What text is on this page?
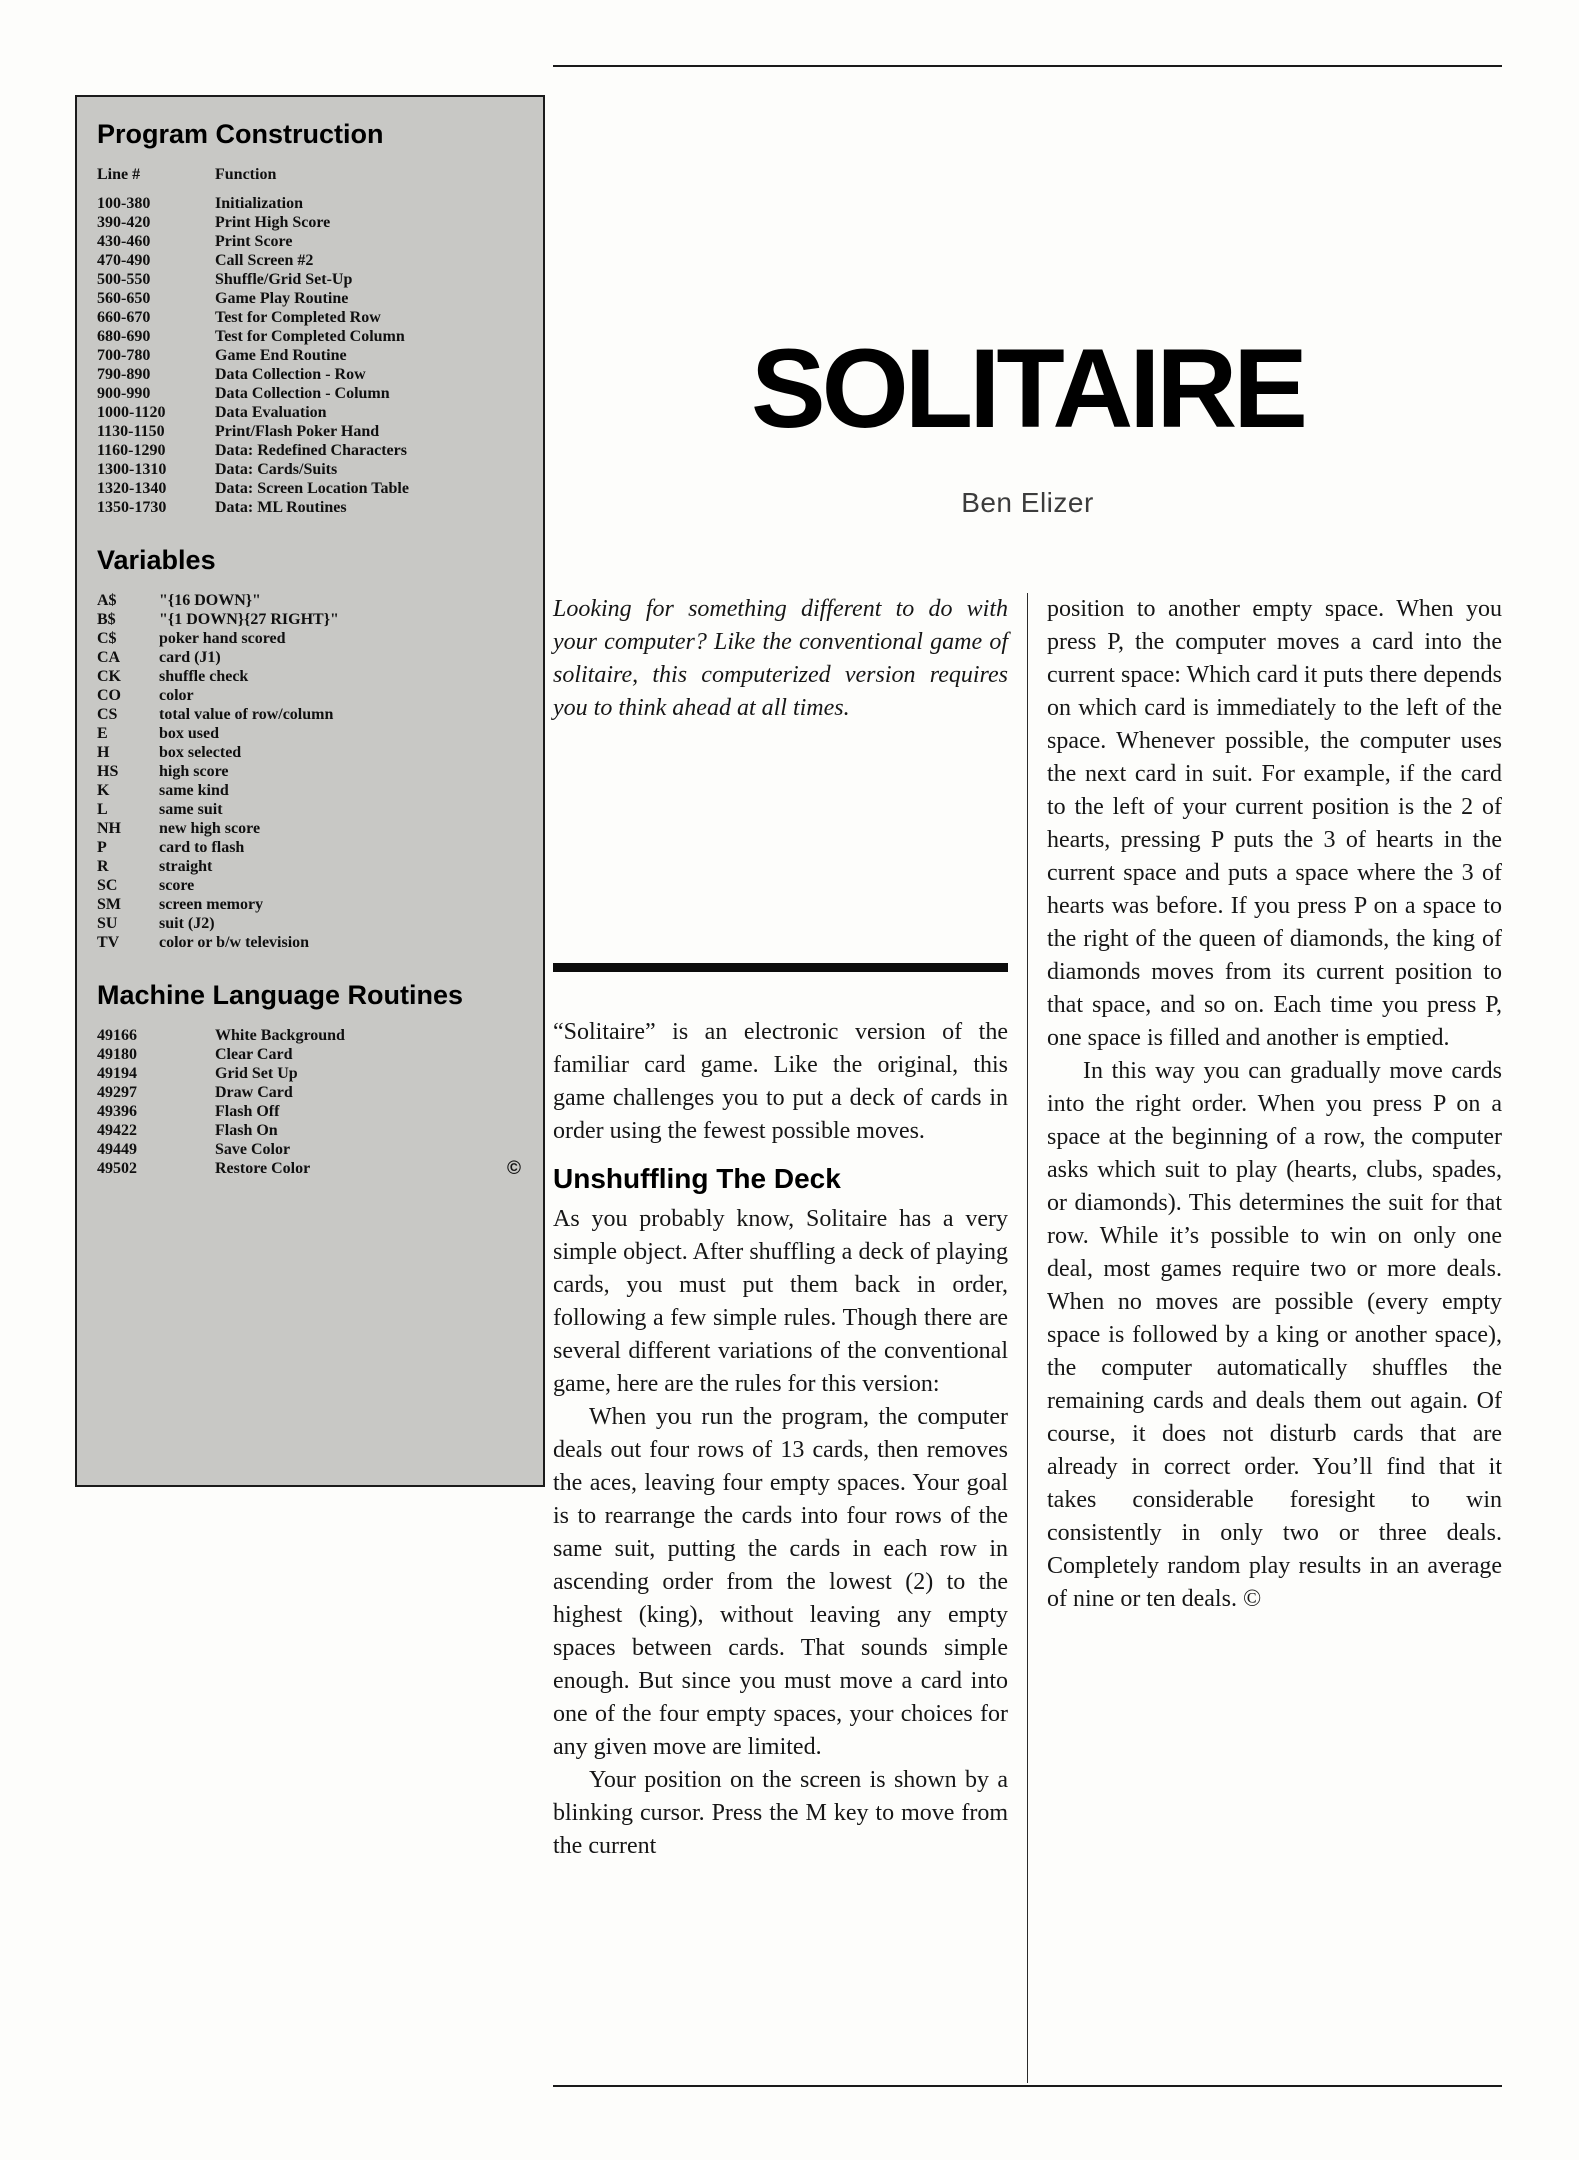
Program Construction
Line #	Function
100-380	Initialization
390-420	Print High Score
430-460	Print Score
470-490	Call Screen #2
500-550	Shuffle/Grid Set-Up
560-650	Game Play Routine
660-670	Test for Completed Row
680-690	Test for Completed Column
700-780	Game End Routine
790-890	Data Collection - Row
900-990	Data Collection - Column
1000-1120	Data Evaluation
1130-1150	Print/Flash Poker Hand
1160-1290	Data: Redefined Characters
1300-1310	Data: Cards/Suits
1320-1340	Data: Screen Location Table
1350-1730	Data: ML Routines
Variables
A$	"{16 DOWN}"
B$	"{1 DOWN}{27 RIGHT}"
C$	poker hand scored
CA	card (J1)
CK	shuffle check
CO	color
CS	total value of row/column
E	box used
H	box selected
HS	high score
K	same kind
L	same suit
NH	new high score
P	card to flash
R	straight
SC	score
SM	screen memory
SU	suit (J2)
TV	color or b/w television
Machine Language Routines
49166	White Background
49180	Clear Card
49194	Grid Set Up
49297	Draw Card
49396	Flash Off
49422	Flash On
49449	Save Color
49502	Restore Color	©
SOLITAIRE
Ben Elizer

Looking for something different to do with your computer? Like the conventional game of solitaire, this computerized version requires you to think ahead at all times.

“Solitaire” is an electronic version of the familiar card game. Like the original, this game challenges you to put a deck of cards in order using the fewest possible moves.

Unshuffling The Deck

As you probably know, Solitaire has a very simple object. After shuffling a deck of playing cards, you must put them back in order, following a few simple rules. Though there are several different variations of the conventional game, here are the rules for this version:

When you run the program, the computer deals out four rows of 13 cards, then removes the aces, leaving four empty spaces. Your goal is to rearrange the cards into four rows of the same suit, putting the cards in each row in ascending order from the lowest (2) to the highest (king), without leaving any empty spaces between cards. That sounds simple enough. But since you must move a card into one of the four empty spaces, your choices for any given move are limited.

Your position on the screen is shown by a blinking cursor. Press the M key to move from the current

position to another empty space. When you press P, the computer moves a card into the current space: Which card it puts there depends on which card is immediately to the left of the space. Whenever possible, the computer uses the next card in suit. For example, if the card to the left of your current position is the 2 of hearts, pressing P puts the 3 of hearts in the current space and puts a space where the 3 of hearts was before. If you press P on a space to the right of the queen of diamonds, the king of diamonds moves from its current position to that space, and so on. Each time you press P, one space is filled and another is emptied.

In this way you can gradually move cards into the right order. When you press P on a space at the beginning of a row, the computer asks which suit to play (hearts, clubs, spades, or diamonds). This determines the suit for that row. While it’s possible to win on only one deal, most games require two or more deals. When no moves are possible (every empty space is followed by a king or another space), the computer automatically shuffles the remaining cards and deals them out again. Of course, it does not disturb cards that are already in correct order. You’ll find that it takes considerable foresight to win consistently in only two or three deals. Completely random play results in an average of nine or ten deals. ©
